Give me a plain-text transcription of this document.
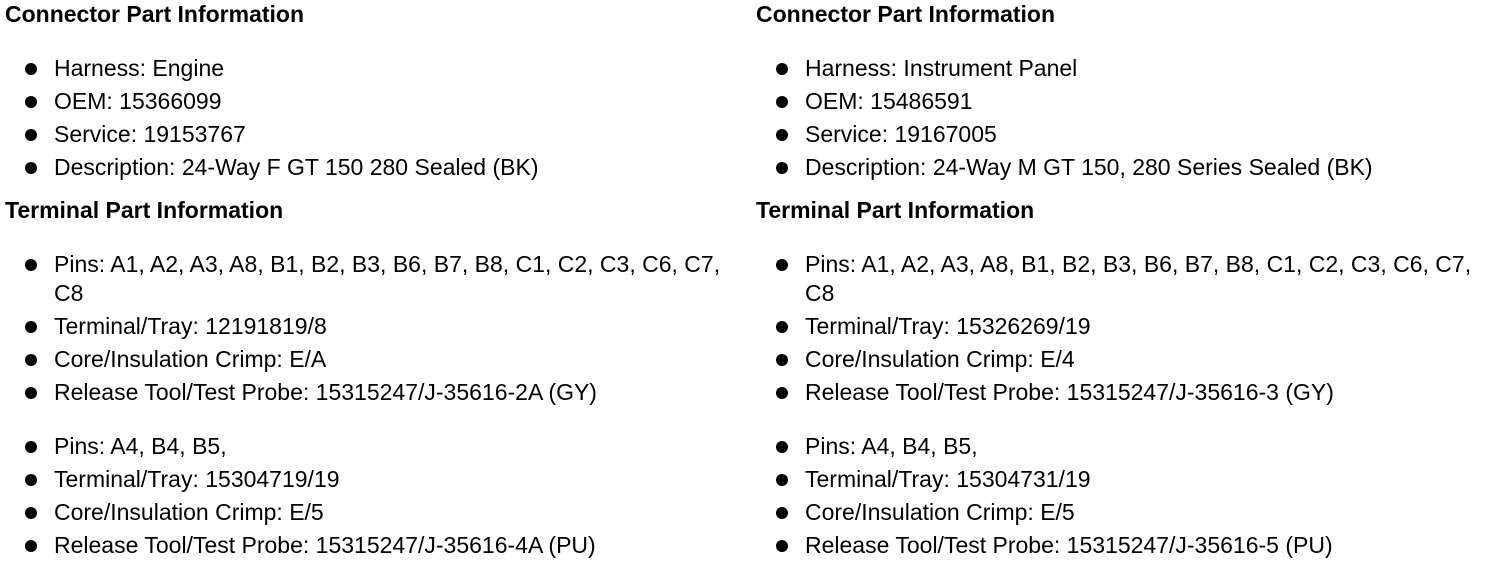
Connector Part Information
Harness: Engine
OEM: 15366099
Service: 19153767
Description: 24-Way F GT 150 280 Sealed (BK)
Terminal Part Information
Pins: A1, A2, A3, A8, B1, B2, B3, B6, B7, B8, C1, C2, C3, C6, C7, C8
Terminal/Tray: 12191819/8
Core/Insulation Crimp: E/A
Release Tool/Test Probe: 15315247/J-35616-2A (GY)
Pins: A4, B4, B5,
Terminal/Tray: 15304719/19
Core/Insulation Crimp: E/5
Release Tool/Test Probe: 15315247/J-35616-4A (PU)
Connector Part Information
Harness: Instrument Panel
OEM: 15486591
Service: 19167005
Description: 24-Way M GT 150, 280 Series Sealed (BK)
Terminal Part Information
Pins: A1, A2, A3, A8, B1, B2, B3, B6, B7, B8, C1, C2, C3, C6, C7, C8
Terminal/Tray: 15326269/19
Core/Insulation Crimp: E/4
Release Tool/Test Probe: 15315247/J-35616-3 (GY)
Pins: A4, B4, B5,
Terminal/Tray: 15304731/19
Core/Insulation Crimp: E/5
Release Tool/Test Probe: 15315247/J-35616-5 (PU)
